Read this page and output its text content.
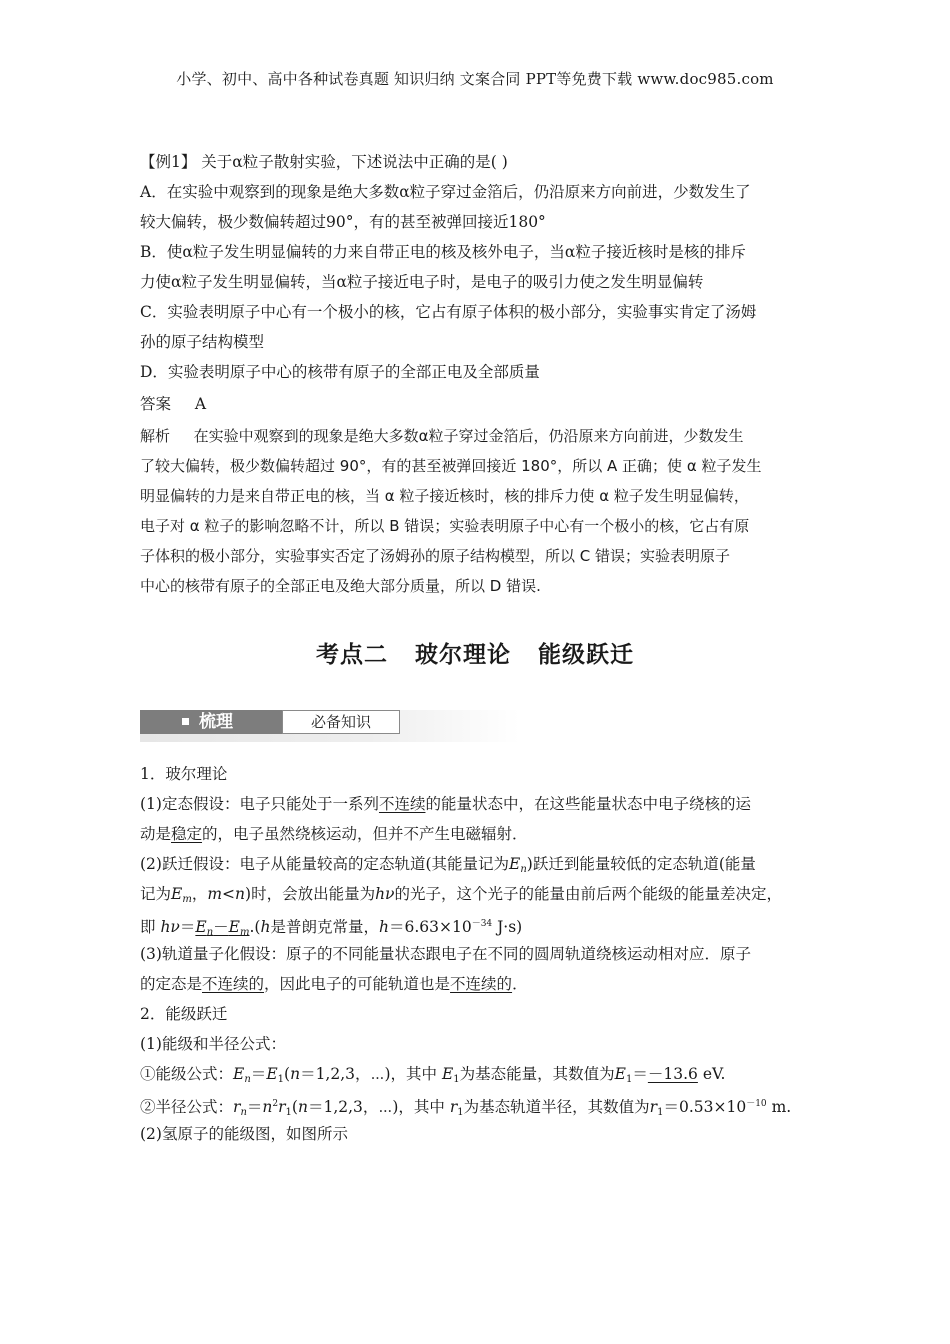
小学、初中、高中各种试卷真题 知识归纳 文案合同 PPT等免费下载 www.doc985.com
【例1】 关于α粒子散射实验，下述说法中正确的是( )
A．在实验中观察到的现象是绝大多数α粒子穿过金箔后，仍沿原来方向前进，少数发生了
较大偏转，极少数偏转超过90°，有的甚至被弹回接近180°
B．使α粒子发生明显偏转的力来自带正电的核及核外电子，当α粒子接近核时是核的排斥
力使α粒子发生明显偏转，当α粒子接近电子时，是电子的吸引力使之发生明显偏转
C．实验表明原子中心有一个极小的核，它占有原子体积的极小部分，实验事实肯定了汤姆
孙的原子结构模型
D．实验表明原子中心的核带有原子的全部正电及全部质量
答案 A
解析 在实验中观察到的现象是绝大多数α粒子穿过金箔后，仍沿原来方向前进，少数发生
了较大偏转，极少数偏转超过 90°，有的甚至被弹回接近 180°，所以 A 正确；使 α 粒子发生
明显偏转的力是来自带正电的核，当 α 粒子接近核时，核的排斥力使 α 粒子发生明显偏转，
电子对 α 粒子的影响忽略不计，所以 B 错误；实验表明原子中心有一个极小的核，它占有原
子体积的极小部分，实验事实否定了汤姆孙的原子结构模型，所以 C 错误；实验表明原子
中心的核带有原子的全部正电及绝大部分质量，所以 D 错误.
考点二 玻尔理论 能级跃迁
梳理	必备知识
1．玻尔理论
(1)定态假设：电子只能处于一系列不连续的能量状态中，在这些能量状态中电子绕核的运
动是稳定的，电子虽然绕核运动，但并不产生电磁辐射．
(2)跃迁假设：电子从能量较高的定态轨道(其能量记为$E_n$)跃迁到能量较低的定态轨道(能量
记为$E_m$，m<n)时，会放出能量为hν的光子，这个光子的能量由前后两个能级的能量差决定，
即 $h\nu=E_n-E_m.(h$是普朗克常量，$h=6.63\times 10^{-34}$ J·s)
(3)轨道量子化假设：原子的不同能量状态跟电子在不同的圆周轨道绕核运动相对应．原子
的定态是不连续的，因此电子的可能轨道也是不连续的．
2．能级跃迁
(1)能级和半径公式：
①能级公式：$E_n=E_1(n=1,2,3$，⋯)，其中 $E_1$为基态能量，其数值为$E_1=-13.6$ eV.
②半径公式：$r_n=n^2r_1(n=1,2,3$，⋯)，其中 $r_1$为基态轨道半径，其数值为$r_1=0.53\times 10^{-10}$ m.
(2)氢原子的能级图，如图所示
